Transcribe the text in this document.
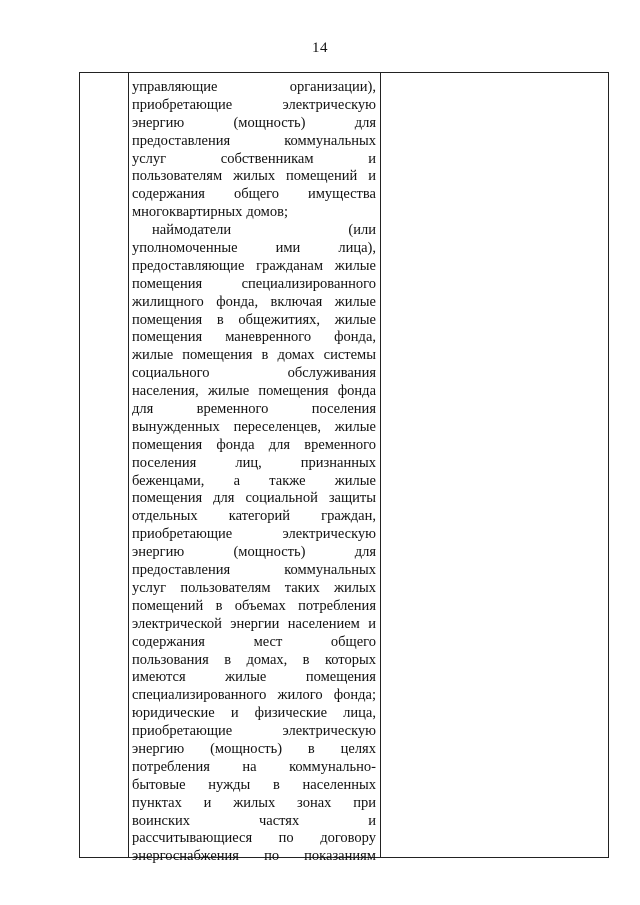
14
управляющие	организации),
приобретающие	электрическую
энергию	(мощность)	для
предоставления	коммунальных
услуг	собственникам	и
пользователям жилых помещений и
содержания общего имущества
многоквартирных домов;
наймодатели	(или
уполномоченные	ими	лица),
предоставляющие гражданам жилые
помещения	специализированного
жилищного фонда, включая жилые
помещения в общежитиях, жилые
помещения маневренного фонда,
жилые помещения в домах системы
социального	обслуживания
населения, жилые помещения фонда
для	временного	поселения
вынужденных переселенцев, жилые
помещения фонда для временного
поселения	лиц,	признанных
беженцами, а также жилые
помещения для социальной защиты
отдельных категорий граждан,
приобретающие	электрическую
энергию	(мощность)	для
предоставления	коммунальных
услуг пользователям таких жилых
помещений в объемах потребления
электрической энергии населением и
содержания	мест	общего
пользования в домах, в которых
имеются	жилые	помещения
специализированного жилого фонда;
юридические и физические лица,
приобретающие	электрическую
энергию (мощность) в целях
потребления на коммунально-
бытовые нужды в населенных
пунктах и жилых зонах при
воинских	частях	и
рассчитывающиеся по договору
энергоснабжения по показаниям
